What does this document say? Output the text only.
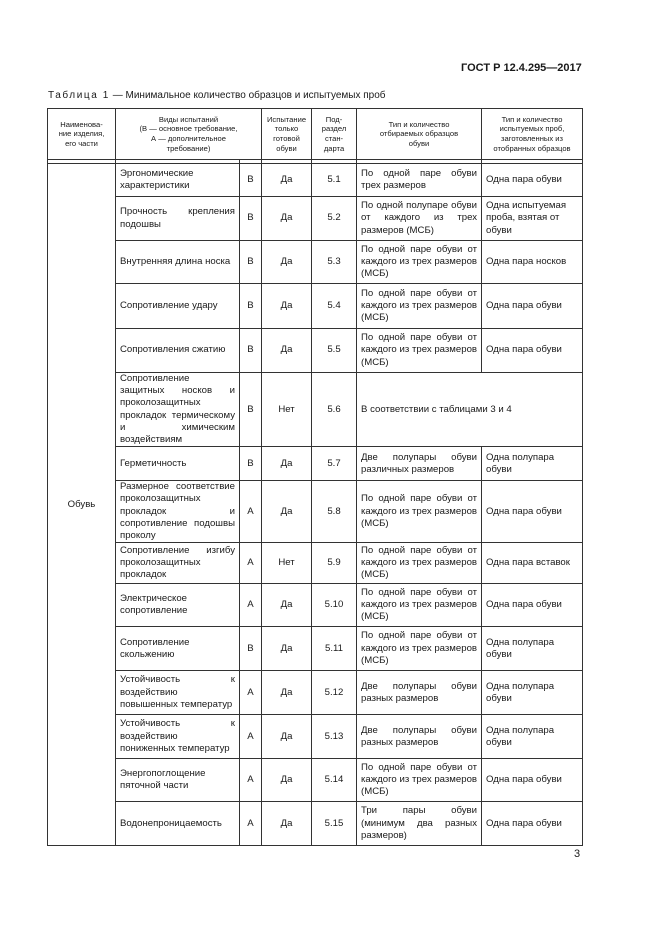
ГОСТ Р 12.4.295—2017
Таблица 1 — Минимальное количество образцов и испытуемых проб
Наименова-
ние изделия,
его части	Виды испытаний
(В — основное требование,
А — дополнительное
требование)		Испытание
только
готовой
обуви	Под-
раздел
стан-
дарта	Тип и количество
отбираемых образцов
обуви	Тип и количество
испытуемых проб,
заготовленных из
отобранных образцов

Обувь	Эргономические характеристики	В	Да	5.1	По одной паре обуви трех размеров	Одна пара обуви
	Прочность крепления подошвы	В	Да	5.2	По одной полупаре обуви от каждого из трех размеров (МСБ)	Одна испытуемая проба, взятая от обуви
	Внутренняя длина носка	В	Да	5.3	По одной паре обуви от каждого из трех размеров (МСБ)	Одна пара носков
	Сопротивление удару	В	Да	5.4	По одной паре обуви от каждого из трех размеров (МСБ)	Одна пара обуви
	Сопротивления сжатию	В	Да	5.5	По одной паре обуви от каждого из трех размеров (МСБ)	Одна пара обуви
	Сопротивление защитных носков и проколозащитных прокладок термическому и химическим воздействиям	В	Нет	5.6	В соответствии с таблицами 3 и 4	
	Герметичность	В	Да	5.7	Две полупары обуви различных размеров	Одна полупара обуви
	Размерное соответствие проколозащитных прокладок и сопротивление подошвы проколу	А	Да	5.8	По одной паре обуви от каждого из трех размеров (МСБ)	Одна пара обуви
	Сопротивление изгибу проколозащитных прокладок	А	Нет	5.9	По одной паре обуви от каждого из трех размеров (МСБ)	Одна пара вставок
	Электрическое сопротивление	А	Да	5.10	По одной паре обуви от каждого из трех размеров (МСБ)	Одна пара обуви
	Сопротивление скольжению	В	Да	5.11	По одной паре обуви от каждого из трех размеров (МСБ)	Одна полупара обуви
	Устойчивость к воздействию повышенных температур	А	Да	5.12	Две полупары обуви разных размеров	Одна полупара обуви
	Устойчивость к воздействию пониженных температур	А	Да	5.13	Две полупары обуви разных размеров	Одна полупара обуви
	Энергопоглощение пяточной части	А	Да	5.14	По одной паре обуви от каждого из трех размеров (МСБ)	Одна пара обуви
	Водонепроницаемость	А	Да	5.15	Три пары обуви (минимум два разных размеров)	Одна пара обуви
3
